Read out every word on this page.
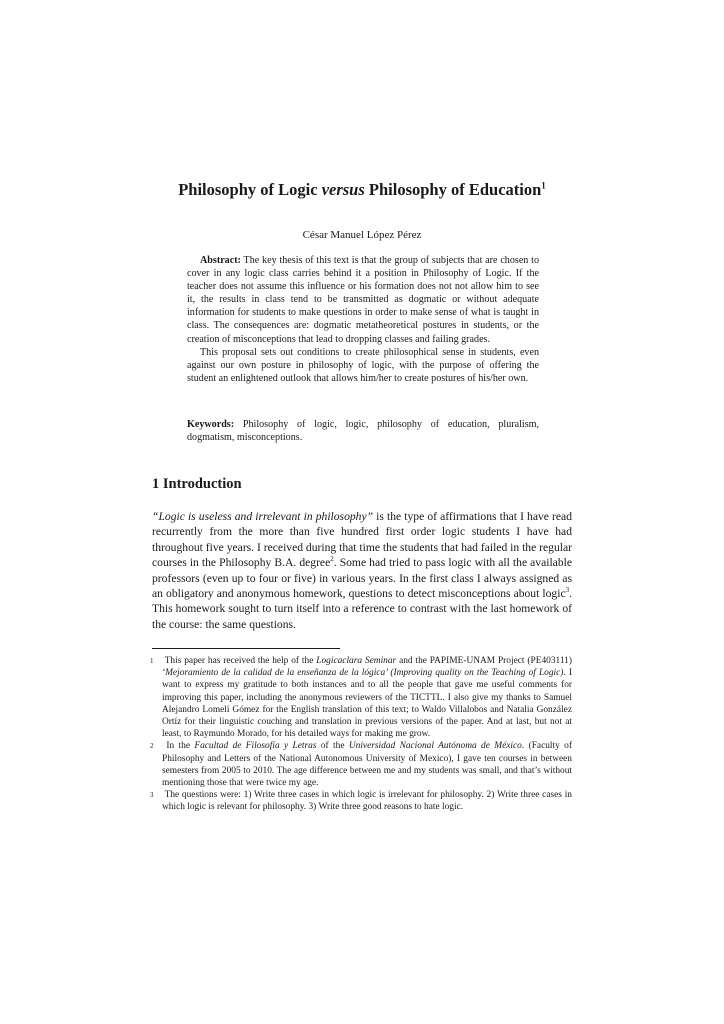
Philosophy of Logic versus Philosophy of Education$^1$
César Manuel López Pérez

Abstract: The key thesis of this text is that the group of subjects that are chosen to cover in any logic class carries behind it a position in Philosophy of Logic. If the teacher does not assume this influence or his formation does not not allow him to see it, the results in class tend to be transmitted as dogmatic or without adequate information for students to make questions in order to make sense of what is taught in class. The consequences are: dogmatic metatheoretical postures in students, or the creation of misconceptions that lead to dropping classes and failing grades.

This proposal sets out conditions to create philosophical sense in students, even against our own posture in philosophy of logic, with the purpose of offering the student an enlightened outlook that allows him/her to create postures of his/her own.

Keywords: Philosophy of logic, logic, philosophy of education, pluralism, dogmatism, misconceptions.

1 Introduction

“Logic is useless and irrelevant in philosophy” is the type of affirmations that I have read recurrently from the more than five hundred first order logic students I have had throughout five years. I received during that time the students that had failed in the regular courses in the Philosophy B.A. degree$^2$. Some had tried to pass logic with all the available professors (even up to four or five) in various years. In the first class I always assigned as an obligatory and anonymous homework, questions to detect misconceptions about logic$^3$. This homework sought to turn itself into a reference to contrast with the last homework of the course: the same questions.

1 This paper has received the help of the Logicaclara Seminar and the PAPIME-UNAM Project (PE403111) ‘Mejoramiento de la calidad de la enseñanza de la lógica’ (Improving quality on the Teaching of Logic). I want to express my gratitude to both instances and to all the people that gave me useful comments for improving this paper, including the anonymous reviewers of the TICTTL. I also give my thanks to Samuel Alejandro Lomelí Gómez for the English translation of this text; to Waldo Villalobos and Natalia González Ortíz for their linguistic couching and translation in previous versions of the paper. And at last, but not at least, to Raymundo Morado, for his detailed ways for making me grow.

2 In the Facultad de Filosofía y Letras of the Universidad Nacional Autónoma de México. (Faculty of Philosophy and Letters of the National Autonomous University of Mexico), I gave ten courses in between semesters from 2005 to 2010. The age difference between me and my students was small, and that’s without mentioning those that were twice my age.

3 The questions were: 1) Write three cases in which logic is irrelevant for philosophy. 2) Write three cases in which logic is relevant for philosophy. 3) Write three good reasons to hate logic.
